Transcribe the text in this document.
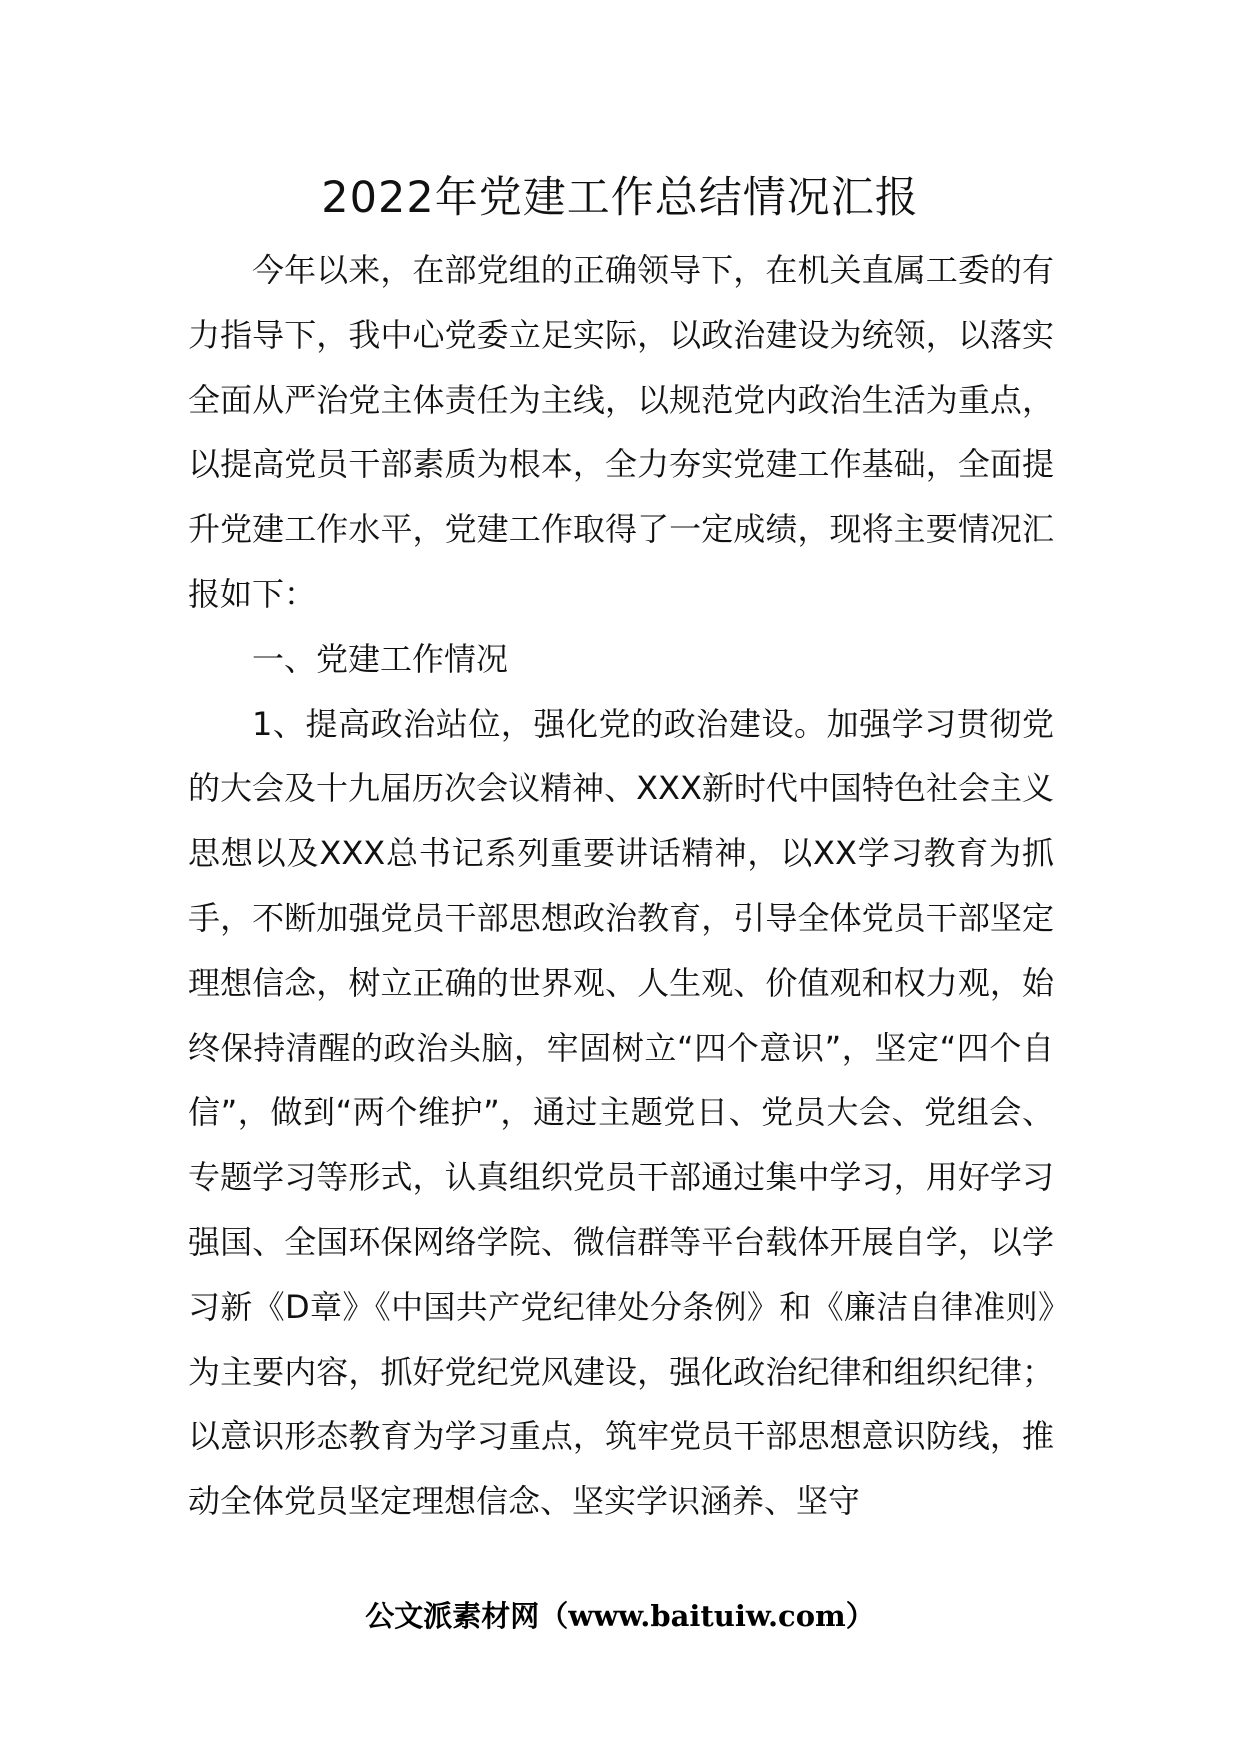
2022年党建工作总结情况汇报

今年以来，在部党组的正确领导下，在机关直属工委的有力指导下，我中心党委立足实际，以政治建设为统领，以落实全面从严治党主体责任为主线，以规范党内政治生活为重点，以提高党员干部素质为根本，全力夯实党建工作基础，全面提升党建工作水平，党建工作取得了一定成绩，现将主要情况汇报如下：

一、党建工作情况

1、提高政治站位，强化党的政治建设。加强学习贯彻党的大会及十九届历次会议精神、XXX新时代中国特色社会主义思想以及XXX总书记系列重要讲话精神，以XX学习教育为抓手，不断加强党员干部思想政治教育，引导全体党员干部坚定理想信念，树立正确的世界观、人生观、价值观和权力观，始终保持清醒的政治头脑，牢固树立“四个意识”，坚定“四个自信”，做到“两个维护”，通过主题党日、党员大会、党组会、专题学习等形式，认真组织党员干部通过集中学习，用好学习强国、全国环保网络学院、微信群等平台载体开展自学，以学习新《D章》《中国共产党纪律处分条例》和《廉洁自律准则》为主要内容，抓好党纪党风建设，强化政治纪律和组织纪律；以意识形态教育为学习重点，筑牢党员干部思想意识防线，推动全体党员坚定理想信念、坚实学识涵养、坚守

公文派素材网（www.baituiw.com）
